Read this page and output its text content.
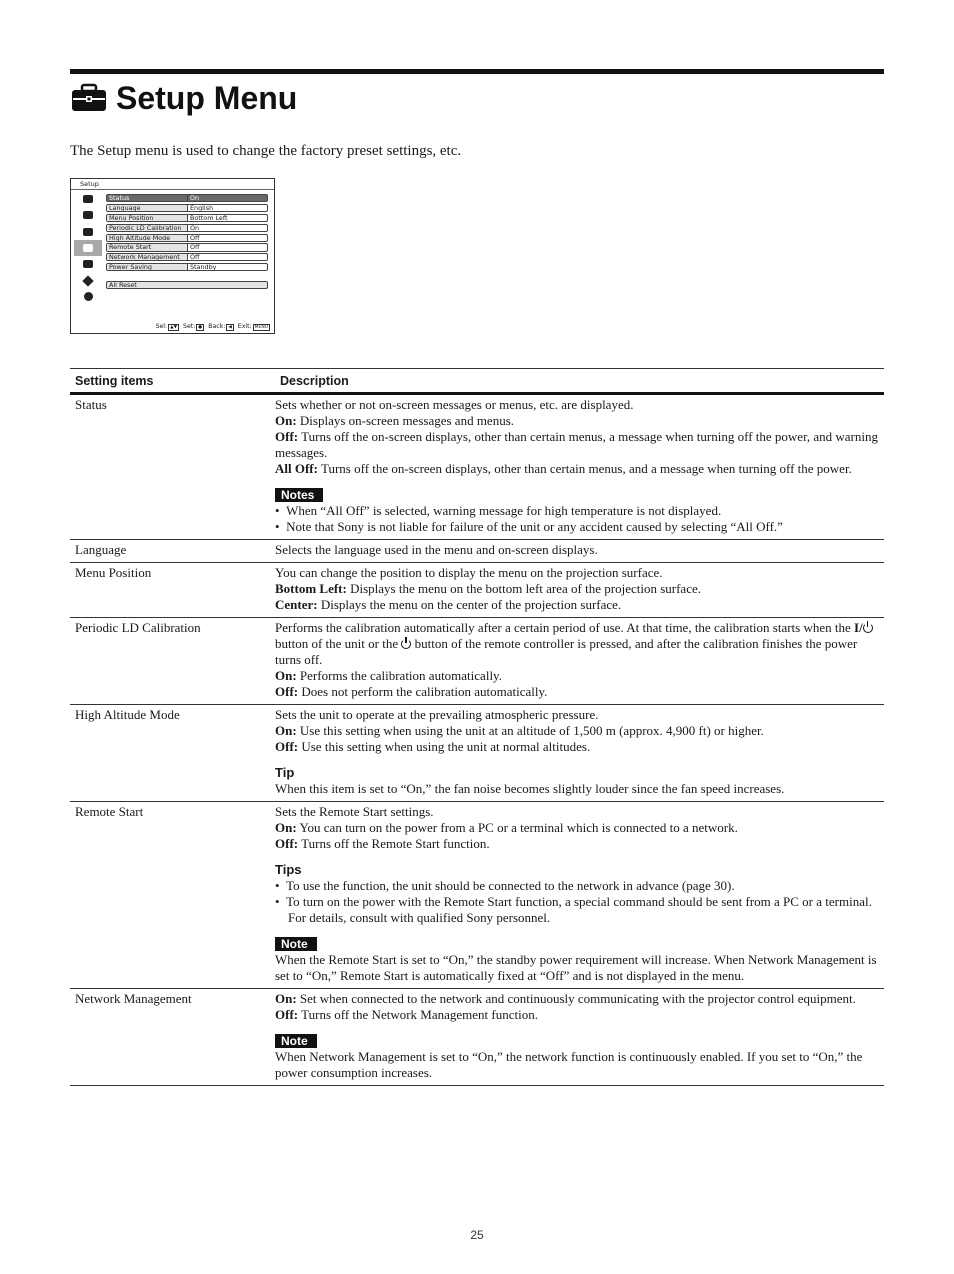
Setup Menu
The Setup menu is used to change the factory preset settings, etc.
Setup
Status	On
Language	English
Menu Position	Bottom Left
Periodic LD Calibration	On
High Altitude Mode	Off
Remote Start	Off
Network Management	Off
Power Saving	Standby
All Reset
Sel: ▲▼ Set: ● Back: ◀ Exit: MENU
Setting items	Description
Status	Sets whether or not on-screen messages or menus, etc. are displayed.

On: Displays on-screen messages and menus.

Off: Turns off the on-screen displays, other than certain menus, a message when turning off the power, and warning messages.

All Off: Turns off the on-screen displays, other than certain menus, and a message when turning off the power.

Notes

•  When “All Off” is selected, warning message for high temperature is not displayed.

•  Note that Sony is not liable for failure of the unit or any accident caused by selecting “All Off.”

Language	Selects the language used in the menu and on-screen displays.

Menu Position	You can change the position to display the menu on the projection surface.

Bottom Left: Displays the menu on the bottom left area of the projection surface.

Center: Displays the menu on the center of the projection surface.

Periodic LD Calibration	Performs the calibration automatically after a certain period of use. At that time, the calibration starts when the I/ button of the unit or the  button of the remote controller is pressed, and after the calibration finishes the power turns off.

On: Performs the calibration automatically.

Off: Does not perform the calibration automatically.

High Altitude Mode	Sets the unit to operate at the prevailing atmospheric pressure.

On: Use this setting when using the unit at an altitude of 1,500 m (approx. 4,900 ft) or higher.

Off: Use this setting when using the unit at normal altitudes.

Tip

When this item is set to “On,” the fan noise becomes slightly louder since the fan speed increases.

Remote Start	Sets the Remote Start settings.

On: You can turn on the power from a PC or a terminal which is connected to a network.

Off: Turns off the Remote Start function.

Tips

•  To use the function, the unit should be connected to the network in advance (page 30).

•  To turn on the power with the Remote Start function, a special command should be sent from a PC or a terminal. For details, consult with qualified Sony personnel.

Note

When the Remote Start is set to “On,” the standby power requirement will increase. When Network Management is set to “On,” Remote Start is automatically fixed at “Off” and is not displayed in the menu.

Network Management	On: Set when connected to the network and continuously communicating with the projector control equipment.

Off: Turns off the Network Management function.

Note

When Network Management is set to “On,” the network function is continuously enabled. If you set to “On,” the power consumption increases.

25
